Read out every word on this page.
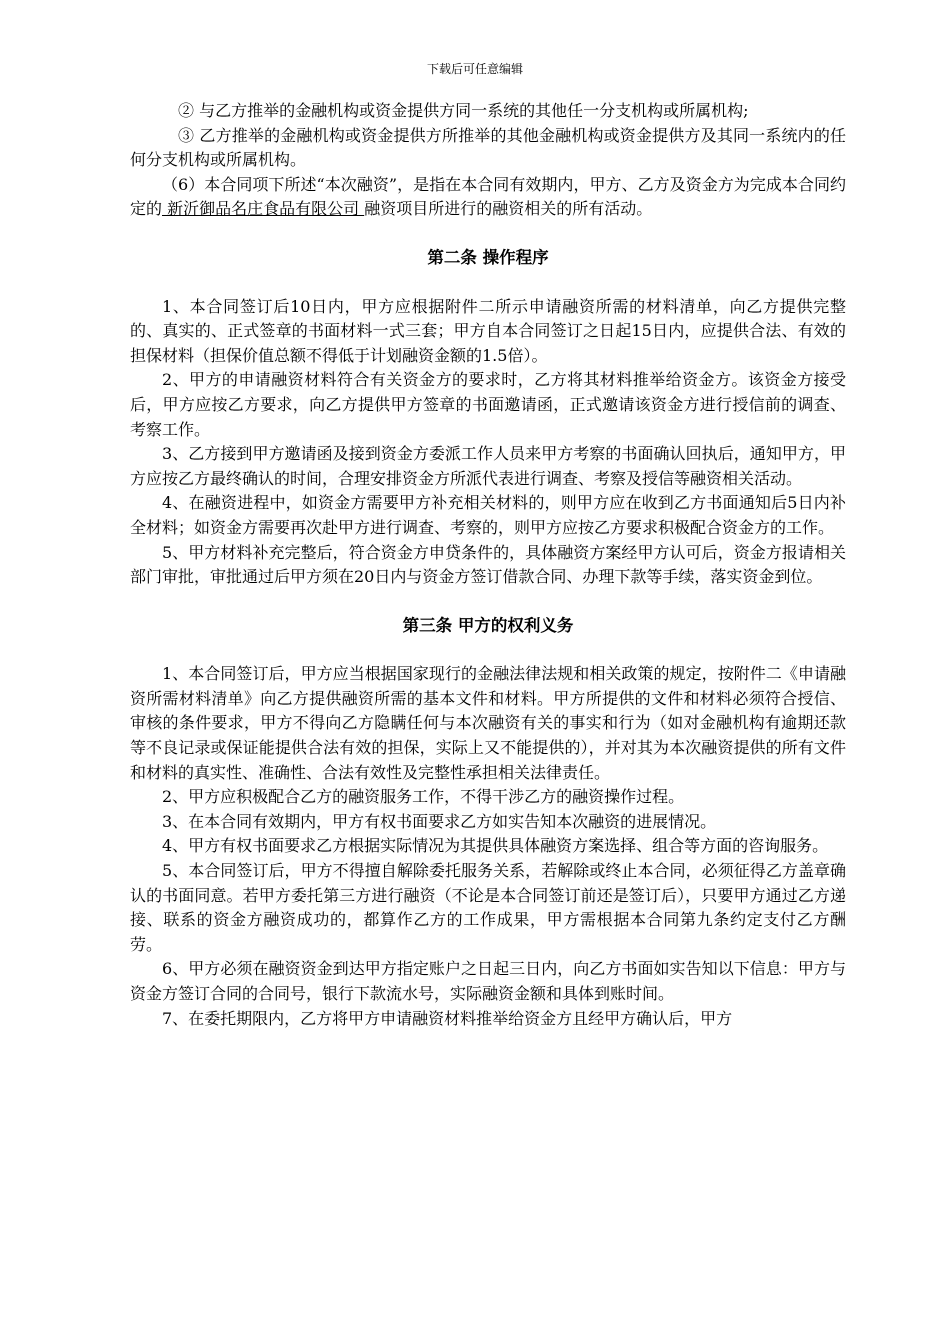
下载后可任意编辑

② 与乙方推举的金融机构或资金提供方同一系统的其他任一分支机构或所属机构;

③ 乙方推举的金融机构或资金提供方所推举的其他金融机构或资金提供方及其同一系统内的任何分支机构或所属机构。

（6）本合同项下所述“本次融资”，是指在本合同有效期内，甲方、乙方及资金方为完成本合同约定的 新沂御品名庄食品有限公司 融资项目所进行的融资相关的所有活动。

第二条 操作程序

1、本合同签订后10日内，甲方应根据附件二所示申请融资所需的材料清单，向乙方提供完整的、真实的、正式签章的书面材料一式三套；甲方自本合同签订之日起15日内，应提供合法、有效的担保材料（担保价值总额不得低于计划融资金额的1.5倍）。

2、甲方的申请融资材料符合有关资金方的要求时，乙方将其材料推举给资金方。该资金方接受后，甲方应按乙方要求，向乙方提供甲方签章的书面邀请函，正式邀请该资金方进行授信前的调查、考察工作。

3、乙方接到甲方邀请函及接到资金方委派工作人员来甲方考察的书面确认回执后，通知甲方，甲方应按乙方最终确认的时间，合理安排资金方所派代表进行调查、考察及授信等融资相关活动。

4、在融资进程中，如资金方需要甲方补充相关材料的，则甲方应在收到乙方书面通知后5日内补全材料；如资金方需要再次赴甲方进行调查、考察的，则甲方应按乙方要求积极配合资金方的工作。

5、甲方材料补充完整后，符合资金方申贷条件的，具体融资方案经甲方认可后，资金方报请相关部门审批，审批通过后甲方须在20日内与资金方签订借款合同、办理下款等手续，落实资金到位。

第三条 甲方的权利义务

1、本合同签订后，甲方应当根据国家现行的金融法律法规和相关政策的规定，按附件二《申请融资所需材料清单》向乙方提供融资所需的基本文件和材料。甲方所提供的文件和材料必须符合授信、审核的条件要求，甲方不得向乙方隐瞒任何与本次融资有关的事实和行为（如对金融机构有逾期还款等不良记录或保证能提供合法有效的担保，实际上又不能提供的），并对其为本次融资提供的所有文件和材料的真实性、准确性、合法有效性及完整性承担相关法律责任。

2、甲方应积极配合乙方的融资服务工作，不得干涉乙方的融资操作过程。

3、在本合同有效期内，甲方有权书面要求乙方如实告知本次融资的进展情况。

4、甲方有权书面要求乙方根据实际情况为其提供具体融资方案选择、组合等方面的咨询服务。

5、本合同签订后，甲方不得擅自解除委托服务关系，若解除或终止本合同，必须征得乙方盖章确认的书面同意。若甲方委托第三方进行融资（不论是本合同签订前还是签订后），只要甲方通过乙方递接、联系的资金方融资成功的，都算作乙方的工作成果，甲方需根据本合同第九条约定支付乙方酬劳。

6、甲方必须在融资资金到达甲方指定账户之日起三日内，向乙方书面如实告知以下信息：甲方与资金方签订合同的合同号，银行下款流水号，实际融资金额和具体到账时间。

7、在委托期限内，乙方将甲方申请融资材料推举给资金方且经甲方确认后，甲方
